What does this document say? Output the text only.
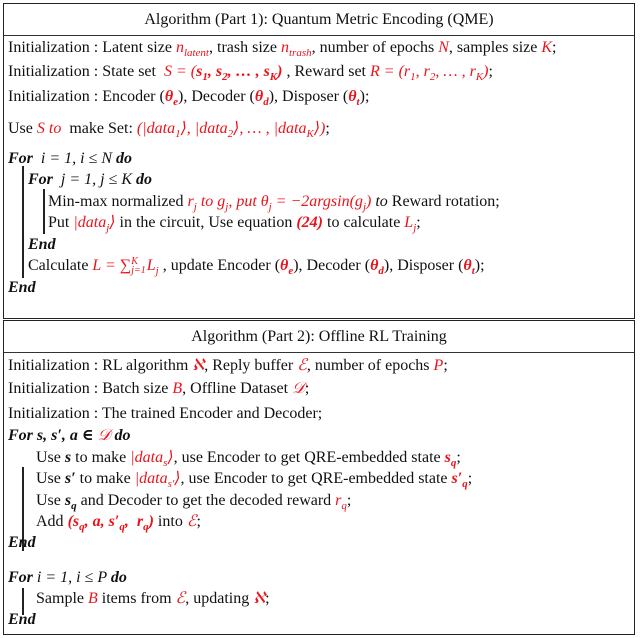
Algorithm (Part 1): Quantum Metric Encoding (QME)
Algorithm (Part 2): Offline RL Training
Initialization : Latent size $n_{latent}$, trash size $n_{trash}$, number of epochs N, samples size K;
Initialization : State set  $S = (s_1$, $s_2$, … , $s_K$) , Reward set $R = (r_1$, $r_2$, … , $r_K$);
Initialization : Encoder $(\theta_e)$, Decoder $(\theta_d)$, Disposer $(\theta_t)$;
Use S to  make Set: (|data$_1$⟩, |data$_2$⟩, … , |data$_K$⟩);
For  i = 1, i ≤ N do
For  j = 1, j ≤ K do
Min-max normalized $r_j$ to $g_j$, put $\theta_j = -2argsin(g_j)$ to Reward rotation;
Put |data$_j$⟩ in the circuit, Use equation (24) to calculate $L_j$;
End
Calculate L = ∑ K
j=1 $L_j$ , update Encoder $(\theta_e)$, Decoder $(\theta_d)$, Disposer $(\theta_t)$;
End
Initialization : RL algorithm ℵ, Reply buffer ℰ, number of epochs P;
Initialization : Batch size B, Offline Dataset 𝒟;
Initialization : The trained Encoder and Decoder;
For s, s′, a ∈ 𝒟 do
Use s to make |data$_s$⟩, use Encoder to get QRE-embedded state $s_q$;
Use s′ to make |data$_{s'}$⟩, use Encoder to get QRE-embedded state $s'_q$;
Use $s_q$ and Decoder to get the decoded reward $r_q$;
Add ($s_q$, a, $s'_q$,  $r_q$) into ℰ;
End
For i = 1, i ≤ P do
Sample B items from ℰ, updating ℵ;
End
